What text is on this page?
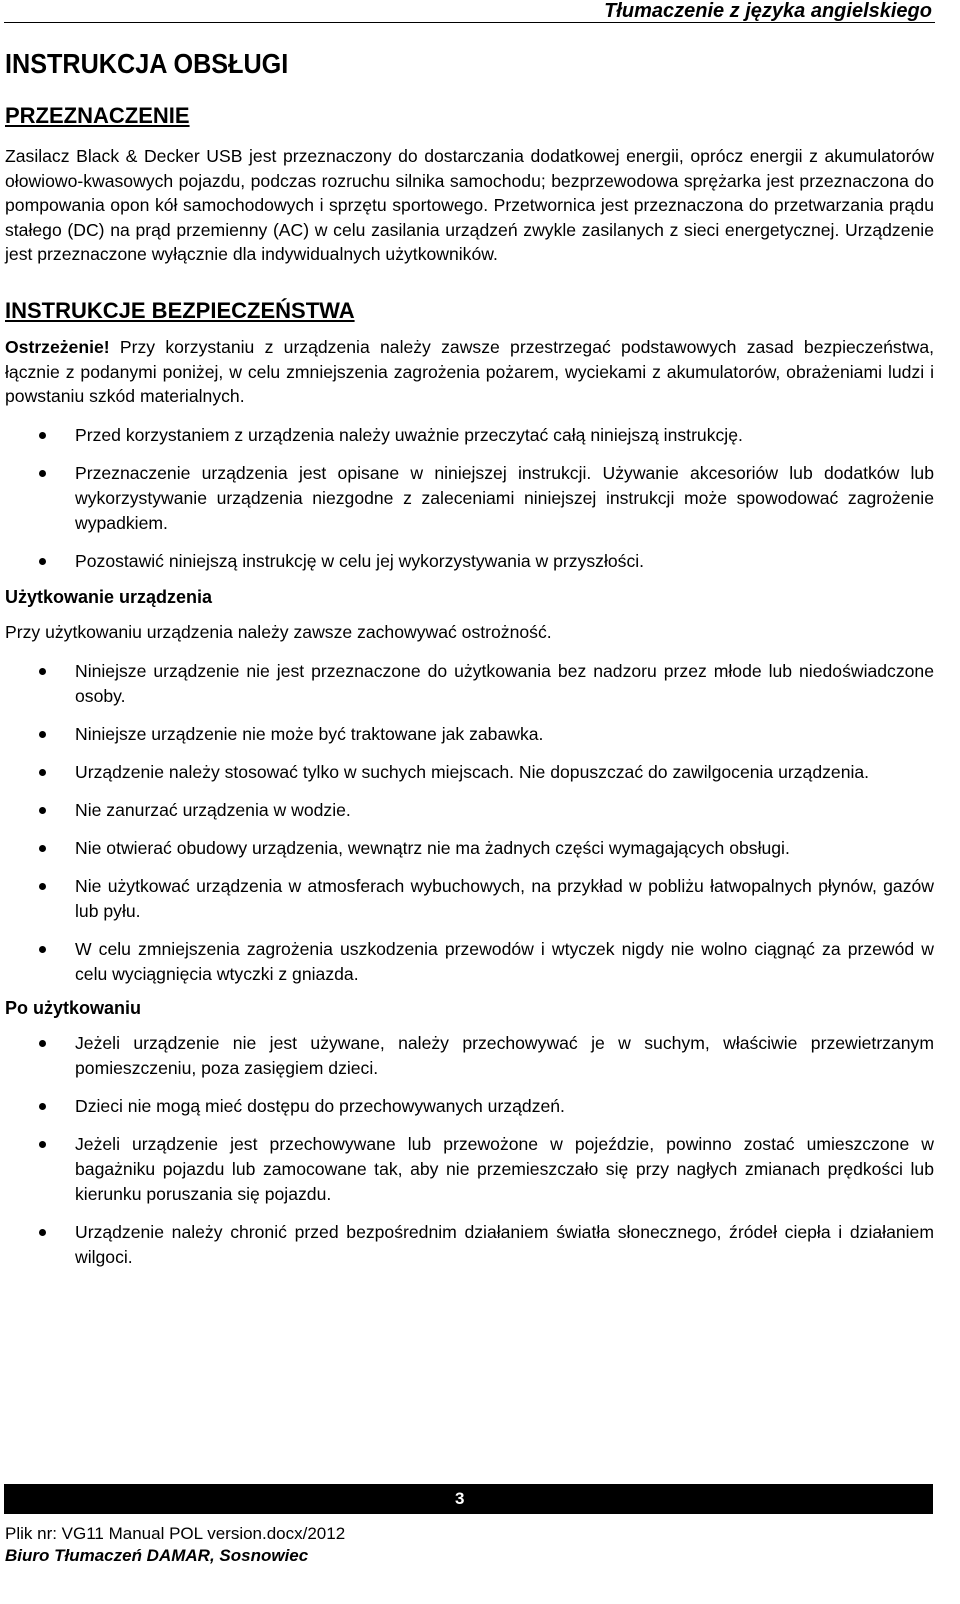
Tłumaczenie z języka angielskiego
INSTRUKCJA OBSŁUGI
PRZEZNACZENIE

Zasilacz Black & Decker USB jest przeznaczony do dostarczania dodatkowej energii, oprócz energii z akumulatorów ołowiowo-kwasowych pojazdu, podczas rozruchu silnika samochodu; bezprzewodowa sprężarka jest przeznaczona do pompowania opon kół samochodowych i sprzętu sportowego. Przetwornica jest przeznaczona do przetwarzania prądu stałego (DC) na prąd przemienny (AC) w celu zasilania urządzeń zwykle zasilanych z sieci energetycznej. Urządzenie jest przeznaczone wyłącznie dla indywidualnych użytkowników.

INSTRUKCJE BEZPIECZEŃSTWA

Ostrzeżenie! Przy korzystaniu z urządzenia należy zawsze przestrzegać podstawowych zasad bezpieczeństwa, łącznie z podanymi poniżej, w celu zmniejszenia zagrożenia pożarem, wyciekami z akumulatorów, obrażeniami ludzi i powstaniu szkód materialnych.

Przed korzystaniem z urządzenia należy uważnie przeczytać całą niniejszą instrukcję.
Przeznaczenie urządzenia jest opisane w niniejszej instrukcji. Używanie akcesoriów lub dodatków lub wykorzystywanie urządzenia niezgodne z zaleceniami niniejszej instrukcji może spowodować zagrożenie wypadkiem.
Pozostawić niniejszą instrukcję w celu jej wykorzystywania w przyszłości.
Użytkowanie urządzenia

Przy użytkowaniu urządzenia należy zawsze zachowywać ostrożność.

Niniejsze urządzenie nie jest przeznaczone do użytkowania bez nadzoru przez młode lub niedoświadczone osoby.
Niniejsze urządzenie nie może być traktowane jak zabawka.
Urządzenie należy stosować tylko w suchych miejscach. Nie dopuszczać do zawilgocenia urządzenia.
Nie zanurzać urządzenia w wodzie.
Nie otwierać obudowy urządzenia, wewnątrz nie ma żadnych części wymagających obsługi.
Nie użytkować urządzenia w atmosferach wybuchowych, na przykład w pobliżu łatwopalnych płynów, gazów lub pyłu.
W celu zmniejszenia zagrożenia uszkodzenia przewodów i wtyczek nigdy nie wolno ciągnąć za przewód w celu wyciągnięcia wtyczki z gniazda.
Po użytkowaniu
Jeżeli urządzenie nie jest używane, należy przechowywać je w suchym, właściwie przewietrzanym pomieszczeniu, poza zasięgiem dzieci.
Dzieci nie mogą mieć dostępu do przechowywanych urządzeń.
Jeżeli urządzenie jest przechowywane lub przewożone w pojeździe, powinno zostać umieszczone w bagażniku pojazdu lub zamocowane tak, aby nie przemieszczało się przy nagłych zmianach prędkości lub kierunku poruszania się pojazdu.
Urządzenie należy chronić przed bezpośrednim działaniem światła słonecznego, źródeł ciepła i działaniem wilgoci.
3
Plik nr: VG11 Manual POL version.docx/2012
Biuro Tłumaczeń DAMAR, Sosnowiec
